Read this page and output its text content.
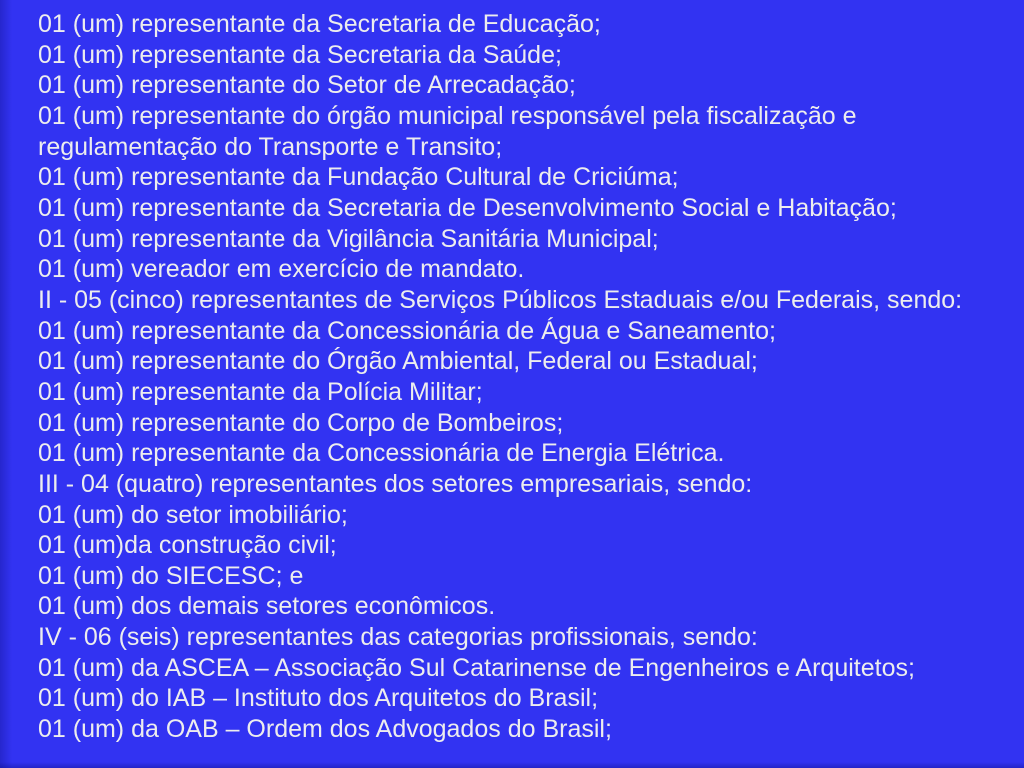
01 (um) representante da Secretaria de Educação;
01 (um) representante da Secretaria da Saúde;
01 (um) representante do Setor de Arrecadação;
01 (um) representante do órgão municipal responsável pela fiscalização e
regulamentação do Transporte e Transito;
01 (um) representante da Fundação Cultural de Criciúma;
01 (um) representante da Secretaria de Desenvolvimento Social e Habitação;
01 (um) representante da Vigilância Sanitária Municipal;
01 (um) vereador em exercício de mandato.
II - 05 (cinco) representantes de Serviços Públicos Estaduais e/ou Federais, sendo:
01 (um) representante da Concessionária de Água e Saneamento;
01 (um) representante do Órgão Ambiental, Federal ou Estadual;
01 (um) representante da Polícia Militar;
01 (um) representante do Corpo de Bombeiros;
01 (um) representante da Concessionária de Energia Elétrica.
III - 04 (quatro) representantes dos setores empresariais, sendo:
01 (um) do setor imobiliário;
01 (um)da construção civil;
01 (um) do SIECESC; e
01 (um) dos demais setores econômicos.
IV - 06 (seis) representantes das categorias profissionais, sendo:
01 (um) da ASCEA – Associação Sul Catarinense de Engenheiros e Arquitetos;
01 (um) do IAB – Instituto dos Arquitetos do Brasil;
01 (um) da OAB – Ordem dos Advogados do Brasil;
